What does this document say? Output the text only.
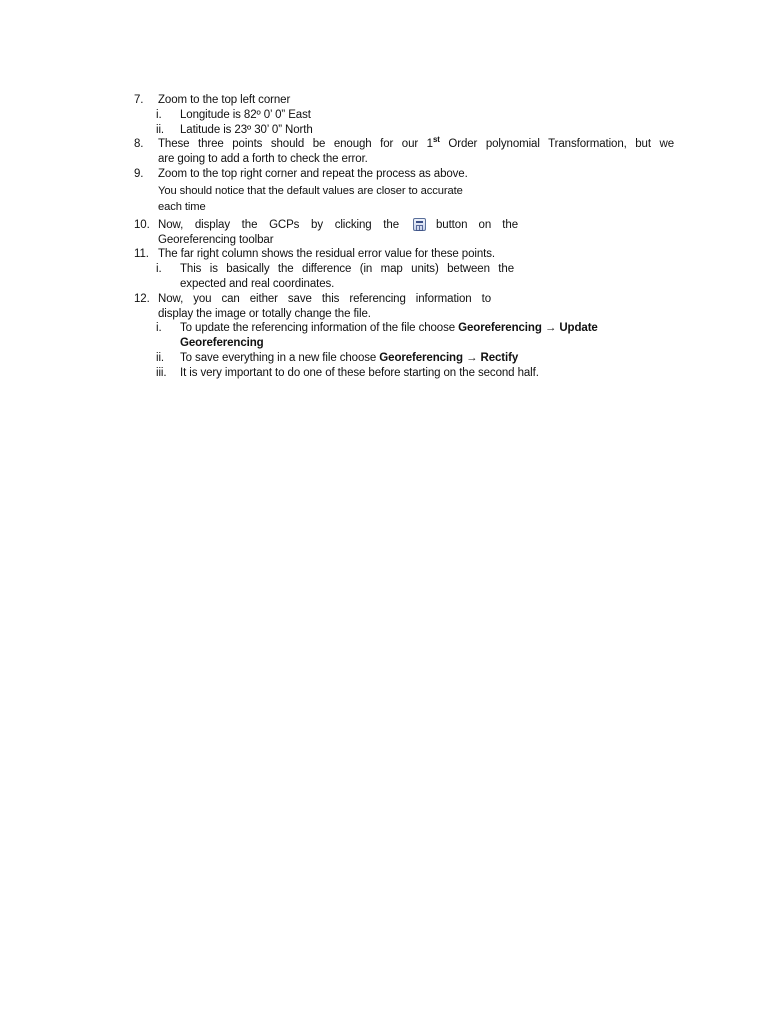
7.	Zoom to the top left corner
i.	Longitude is 82º 0’ 0” East
ii.	Latitude is 23º 30’ 0” North
8.	These three points should be enough for our 1st Order polynomial Transformation, but we
are going to add a forth to check the error.
9.	Zoom to the top right corner and repeat the process as above.
You should notice that the default values are closer to accurate
each time
10. Now, display the GCPs by clicking the	button on the
Georeferencing toolbar
11. The far right column shows the residual error value for these points.
i.	This is basically the difference (in map units) between the
expected and real coordinates.
12. Now, you can either save this referencing information to
display the image or totally change the file.
i.	To update the referencing information of the file choose Georeferencing → Update
Georeferencing
ii.	To save everything in a new file choose Georeferencing → Rectify
iii.	It is very important to do one of these before starting on the second half.
